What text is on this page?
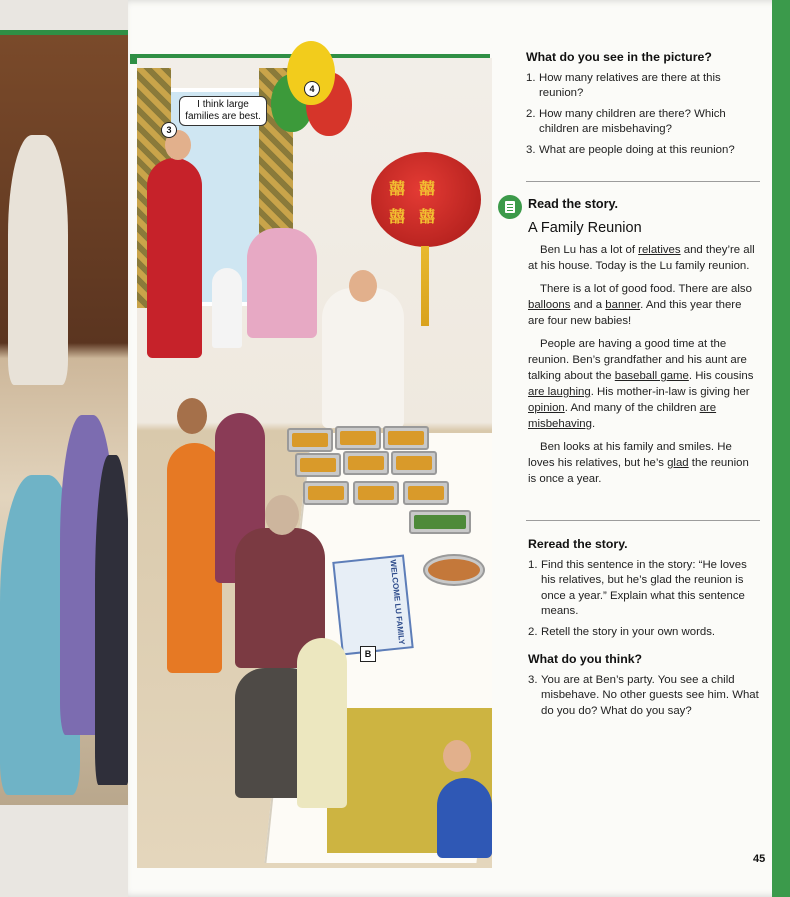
WELCOME LU FAMILY
I think large families are best.
3
B
4
囍 囍
囍 囍
What do you see in the picture?
1. How many relatives are there at this reunion?
2. How many children are there? Which children are misbehaving?
3. What are people doing at this reunion?
Read the story.
A Family Reunion

Ben Lu has a lot of relatives and they’re all at his house. Today is the Lu family reunion.

There is a lot of good food. There are also balloons and a banner. And this year there are four new babies!

People are having a good time at the reunion. Ben’s grandfather and his aunt are talking about the baseball game. His cousins are laughing. His mother-in-law is giving her opinion. And many of the children are misbehaving.

Ben looks at his family and smiles. He loves his relatives, but he’s glad the reunion is once a year.

Reread the story.
1. Find this sentence in the story: “He loves his relatives, but he’s glad the reunion is once a year.” Explain what this sentence means.
2. Retell the story in your own words.
What do you think?
3. You are at Ben’s party. You see a child misbehave. No other guests see him. What do you do? What do you say?
45
